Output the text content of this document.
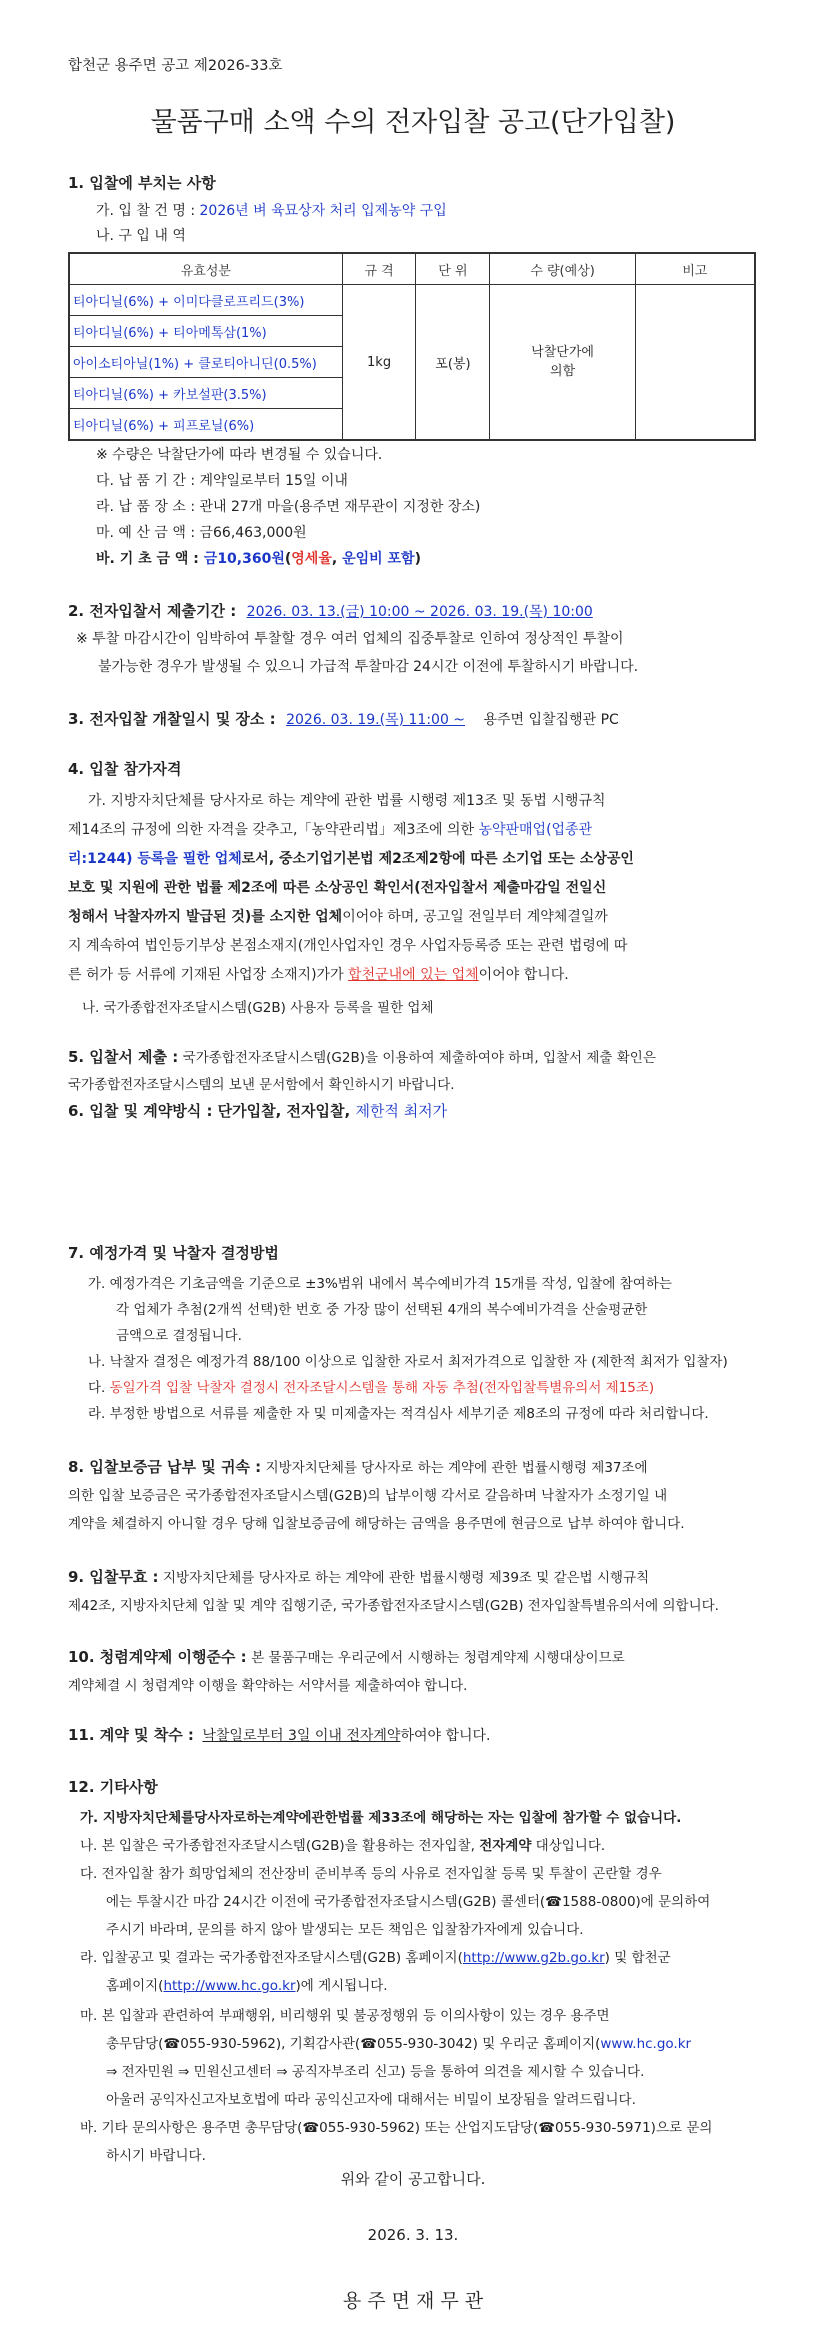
합천군 용주면 공고 제2026-33호
물품구매 소액 수의 전자입찰 공고(단가입찰)
1. 입찰에 부치는 사항
가. 입 찰 건 명 : 2026년 벼 육묘상자 처리 입제농약 구입
나. 구 입 내 역
유효성분	규 격	단 위	수 량(예상)	비고
티아디닐(6%) + 이미다클로프리드(3%)	1kg	포(봉)	낙찰단가에
의함	
티아디닐(6%) + 티아메톡삼(1%)				
아이소티아닐(1%) + 클로티아니딘(0.5%)				
티아디닐(6%) + 카보설판(3.5%)				
티아디닐(6%) + 피프로닐(6%)				
※ 수량은 낙찰단가에 따라 변경될 수 있습니다.
다. 납 품 기 간 : 계약일로부터 15일 이내
라. 납 품 장 소 : 관내 27개 마을(용주면 재무관이 지정한 장소)
마. 예 산 금 액 : 금66,463,000원
바. 기 초 금 액 : 금10,360원(영세율, 운임비 포함)
2. 전자입찰서 제출기간 : 2026. 03. 13.(금) 10:00 ~ 2026. 03. 19.(목) 10:00
※ 투찰 마감시간이 임박하여 투찰할 경우 여러 업체의 집중투찰로 인하여 정상적인 투찰이
불가능한 경우가 발생될 수 있으니 가급적 투찰마감 24시간 이전에 투찰하시기 바랍니다.
3. 전자입찰 개찰일시 및 장소 : 2026. 03. 19.(목) 11:00 ~ 용주면 입찰집행관 PC
4. 입찰 참가자격
가. 지방자치단체를 당사자로 하는 계약에 관한 법률 시행령 제13조 및 동법 시행규칙
제14조의 규정에 의한 자격을 갖추고,「농약관리법」제3조에 의한 농약판매업(업종관
리:1244) 등록을 필한 업체로서, 중소기업기본법 제2조제2항에 따른 소기업 또는 소상공인
보호 및 지원에 관한 법률 제2조에 따른 소상공인 확인서(전자입찰서 제출마감일 전일신
청해서 낙찰자까지 발급된 것)를 소지한 업체이어야 하며, 공고일 전일부터 계약체결일까
지 계속하여 법인등기부상 본점소재지(개인사업자인 경우 사업자등록증 또는 관련 법령에 따
른 허가 등 서류에 기재된 사업장 소재지)가가 합천군내에 있는 업체이어야 합니다.
나. 국가종합전자조달시스템(G2B) 사용자 등록을 필한 업체
5. 입찰서 제출 : 국가종합전자조달시스템(G2B)을 이용하여 제출하여야 하며, 입찰서 제출 확인은
국가종합전자조달시스템의 보낸 문서함에서 확인하시기 바랍니다.
6. 입찰 및 계약방식 : 단가입찰, 전자입찰, 제한적 최저가
7. 예정가격 및 낙찰자 결정방법
가. 예정가격은 기초금액을 기준으로 ±3%범위 내에서 복수예비가격 15개를 작성, 입찰에 참여하는
각 업체가 추첨(2개씩 선택)한 번호 중 가장 많이 선택된 4개의 복수예비가격을 산술평균한
금액으로 결정됩니다.
나. 낙찰자 결정은 예정가격 88/100 이상으로 입찰한 자로서 최저가격으로 입찰한 자 (제한적 최저가 입찰자)
다. 동일가격 입찰 낙찰자 결정시 전자조달시스템을 통해 자동 추첨(전자입찰특별유의서 제15조)
라. 부정한 방법으로 서류를 제출한 자 및 미제출자는 적격심사 세부기준 제8조의 규정에 따라 처리합니다.
8. 입찰보증금 납부 및 귀속 : 지방자치단체를 당사자로 하는 계약에 관한 법률시행령 제37조에
의한 입찰 보증금은 국가종합전자조달시스템(G2B)의 납부이행 각서로 갈음하며 낙찰자가 소정기일 내
계약을 체결하지 아니할 경우 당해 입찰보증금에 해당하는 금액을 용주면에 현금으로 납부 하여야 합니다.
9. 입찰무효 : 지방자치단체를 당사자로 하는 계약에 관한 법률시행령 제39조 및 같은법 시행규칙
제42조, 지방자치단체 입찰 및 계약 집행기준, 국가종합전자조달시스템(G2B) 전자입찰특별유의서에 의합니다.
10. 청렴계약제 이행준수 : 본 물품구매는 우리군에서 시행하는 청렴계약제 시행대상이므로
계약체결 시 청렴계약 이행을 확약하는 서약서를 제출하여야 합니다.
11. 계약 및 착수 : 낙찰일로부터 3일 이내 전자계약하여야 합니다.
12. 기타사항
가. 지방자치단체를당사자로하는계약에관한법률 제33조에 해당하는 자는 입찰에 참가할 수 없습니다.
나. 본 입찰은 국가종합전자조달시스템(G2B)을 활용하는 전자입찰, 전자계약 대상입니다.
다. 전자입찰 참가 희망업체의 전산장비 준비부족 등의 사유로 전자입찰 등록 및 투찰이 곤란할 경우
에는 투찰시간 마감 24시간 이전에 국가종합전자조달시스템(G2B) 콜센터(☎1588-0800)에 문의하여
주시기 바라며, 문의를 하지 않아 발생되는 모든 책임은 입찰참가자에게 있습니다.
라. 입찰공고 및 결과는 국가종합전자조달시스템(G2B) 홈페이지(http://www.g2b.go.kr) 및 합천군
홈페이지(http://www.hc.go.kr)에 게시됩니다.
마. 본 입찰과 관련하여 부패행위, 비리행위 및 불공정행위 등 이의사항이 있는 경우 용주면
총무담당(☎055-930-5962), 기획감사관(☎055-930-3042) 및 우리군 홈페이지(www.hc.go.kr
⇒ 전자민원 ⇒ 민원신고센터 ⇒ 공직자부조리 신고) 등을 통하여 의견을 제시할 수 있습니다.
아울러 공익자신고자보호법에 따라 공익신고자에 대해서는 비밀이 보장됨을 알려드립니다.
바. 기타 문의사항은 용주면 총무담당(☎055-930-5962) 또는 산업지도담당(☎055-930-5971)으로 문의
하시기 바랍니다.
위와 같이 공고합니다.
2026. 3. 13.
용 주 면 재 무 관
